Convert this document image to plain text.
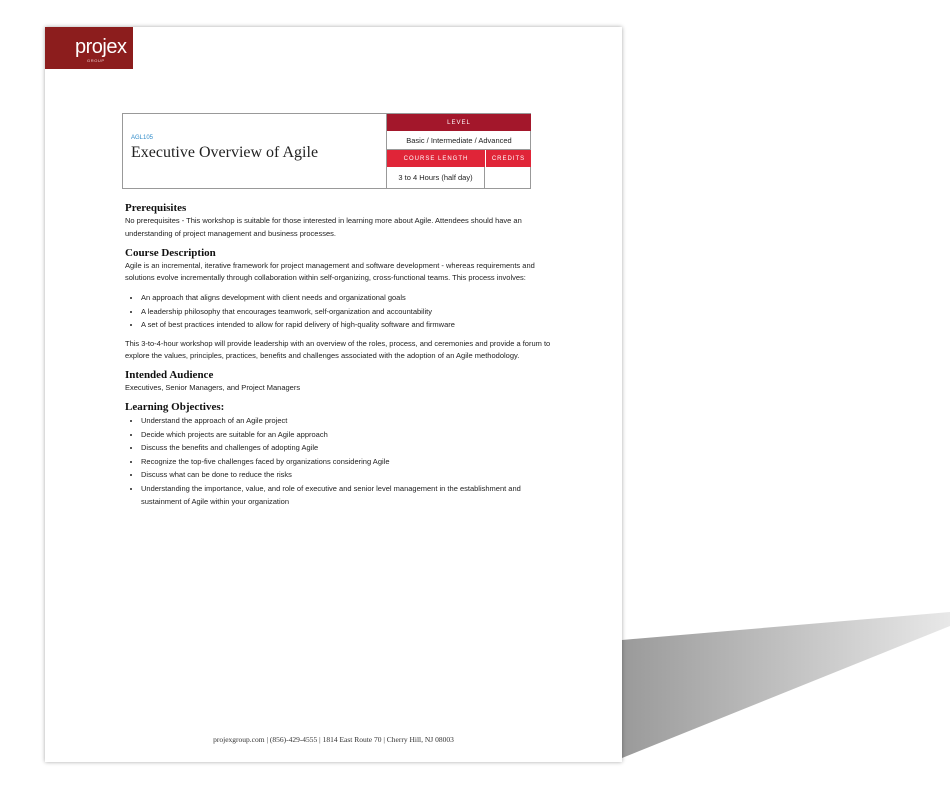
projex
GROUP
AGL105
Executive Overview of Agile
LEVEL
Basic / Intermediate / Advanced
COURSE LENGTH	CREDITS
3 to 4 Hours (half day)
Prerequisites

No prerequisites - This workshop is suitable for those interested in learning more about Agile. Attendees should have an understanding of project management and business processes.

Course Description

Agile is an incremental, iterative framework for project management and software development - whereas requirements and solutions evolve incrementally through collaboration within self-organizing, cross-functional teams. This process involves:

• An approach that aligns development with client needs and organizational goals
• A leadership philosophy that encourages teamwork, self-organization and accountability
• A set of best practices intended to allow for rapid delivery of high-quality software and firmware

This 3-to-4-hour workshop will provide leadership with an overview of the roles, process, and ceremonies and provide a forum to explore the values, principles, practices, benefits and challenges associated with the adoption of an Agile methodology.

Intended Audience

Executives, Senior Managers, and Project Managers

Learning Objectives:
• Understand the approach of an Agile project
• Decide which projects are suitable for an Agile approach
• Discuss the benefits and challenges of adopting Agile
• Recognize the top-five challenges faced by organizations considering Agile
• Discuss what can be done to reduce the risks
• Understanding the importance, value, and role of executive and senior level management in the establishment and sustainment of Agile within your organization
projexgroup.com | (856)-429-4555 | 1814 East Route 70 | Cherry Hill, NJ 08003
